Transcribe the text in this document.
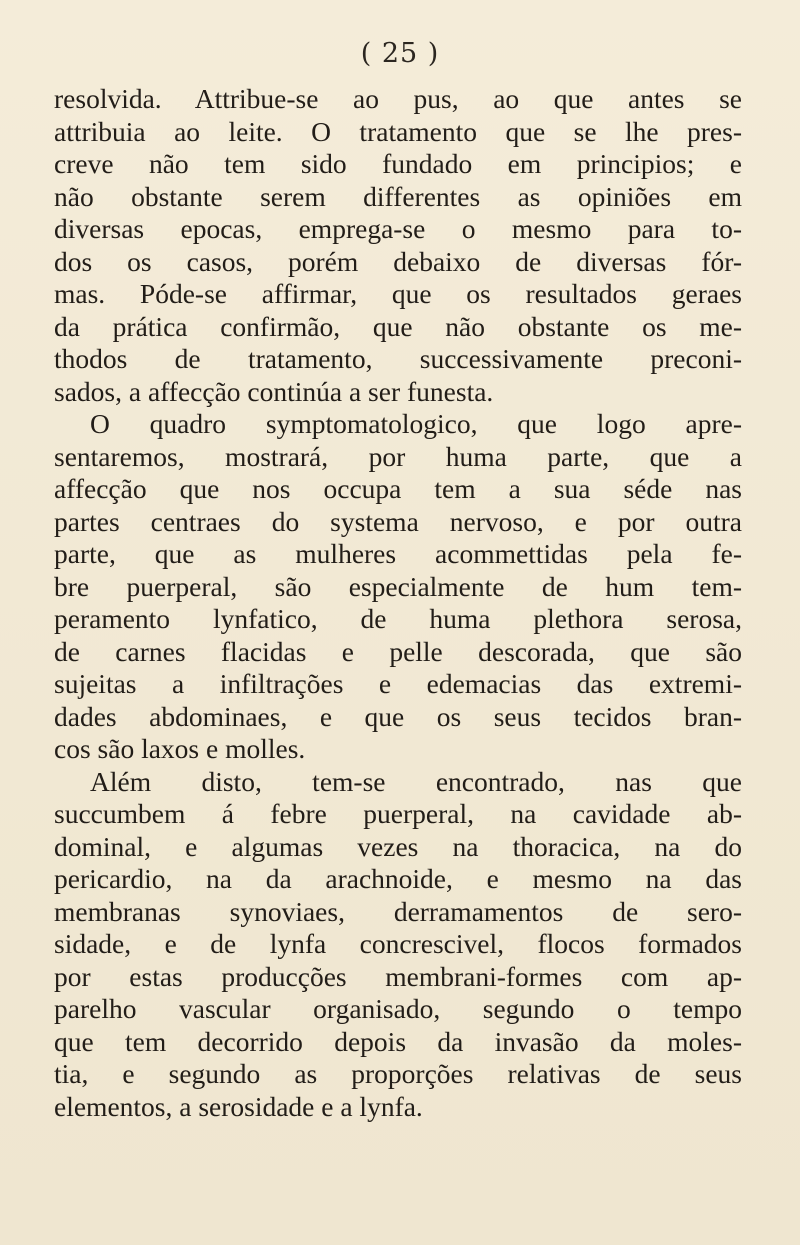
( 25 )
resolvida. Attribue-se ao pus, ao que antes se
attribuia ao leite. O tratamento que se lhe pres-
creve não tem sido fundado em principios; e
não obstante serem differentes as opiniões em
diversas epocas, emprega-se o mesmo para to-
dos os casos, porém debaixo de diversas fór-
mas. Póde-se affirmar, que os resultados geraes
da prática confirmão, que não obstante os me-
thodos de tratamento, successivamente preconi-
sados, a affecção continúa a ser funesta.
O quadro symptomatologico, que logo apre-
sentaremos, mostrará, por huma parte, que a
affecção que nos occupa tem a sua séde nas
partes centraes do systema nervoso, e por outra
parte, que as mulheres acommettidas pela fe-
bre puerperal, são especialmente de hum tem-
peramento lynfatico, de huma plethora serosa,
de carnes flacidas e pelle descorada, que são
sujeitas a infiltrações e edemacias das extremi-
dades abdominaes, e que os seus tecidos bran-
cos são laxos e molles.
Além disto, tem-se encontrado, nas que
succumbem á febre puerperal, na cavidade ab-
dominal, e algumas vezes na thoracica, na do
pericardio, na da arachnoide, e mesmo na das
membranas synoviaes, derramamentos de sero-
sidade, e de lynfa concrescivel, flocos formados
por estas producções membrani-formes com ap-
parelho vascular organisado, segundo o tempo
que tem decorrido depois da invasão da moles-
tia, e segundo as proporções relativas de seus
elementos, a serosidade e a lynfa.
